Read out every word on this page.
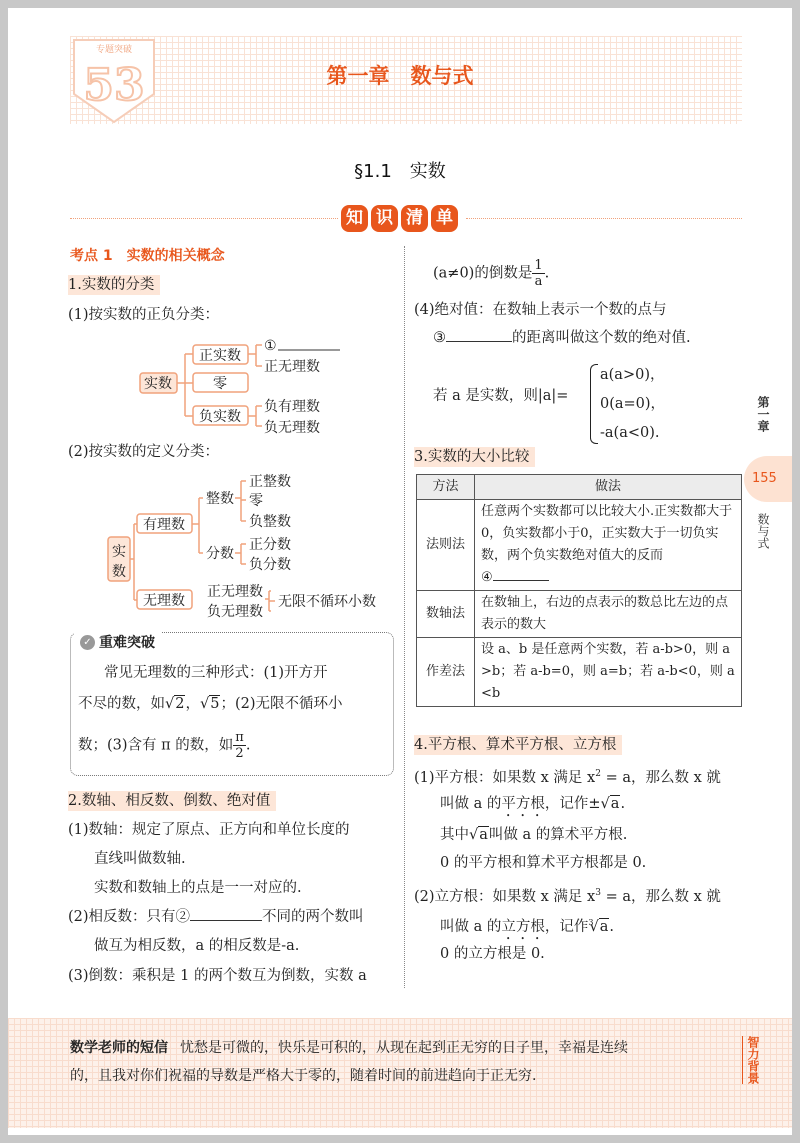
专题突破
53	第一章　数与式
§1.1　实数
知 识 清 单
考点 1　实数的相关概念
1.实数的分类
(1)按实数的正负分类：
实数
正实数
零
负实数
①
正无理数
负有理数
负无理数
(2)按实数的定义分类：
实
数
有理数
无理数
整数
分数
正整数
零
负整数
正分数
负分数
正无理数
负无理数
无限不循环小数
✓ 重难突破
常见无理数的三种形式：(1)开方开
不尽的数，如 √ 2， √ 5；(2)无限不循环小
数；(3)含有 π 的数，如 $\frac{\pi}{2}$ .
2.数轴、相反数、倒数、绝对值
(1)数轴：规定了原点、正方向和单位长度的
直线叫做数轴.
实数和数轴上的点是一一对应的.
(2)相反数：只有②	不同的两个数叫
做互为相反数，a 的相反数是-a.
(3)倒数：乘积是 1 的两个数互为倒数，实数 a
(a≠0)的倒数是 $\frac{1}{a}$ .
(4)绝对值：在数轴上表示一个数的点与
③	的距离叫做这个数的绝对值.
若 a 是实数，则|a|=
a(a>0)，
0(a=0)，
-a(a<0).
3.实数的大小比较
方法	做法
法则法	任意两个实数都可以比较大小.正实数都大于0，负实数都小于0，正实数大于一切负实数，两个负实数绝对值大的反而
④
数轴法	在数轴上，右边的点表示的数总比左边的点表示的数大
作差法	设 a、b 是任意两个实数，若 a-b>0，则 a>b；若 a-b=0，则 a=b；若 a-b<0，则 a<b
4.平方根、算术平方根、立方根
(1)平方根：如果数 x 满足 $x^2 = a$，那么数 x 就
叫做 a 的平方根，记作± √ a.
其中 √ a叫做 a 的算术平方根.
0 的平方根和算术平方根都是 0.
(2)立方根：如果数 x 满足 $x^3 = a$，那么数 x 就
叫做 a 的立方根，记作$^3$ √ a.
0 的立方根是 0.
第一章
155
数与式
数学老师的短信 忧愁是可微的，快乐是可积的，从现在起到正无穷的日子里，幸福是连续
的，且我对你们祝福的导数是严格大于零的，随着时间的前进趋向于正无穷.	智力背景
